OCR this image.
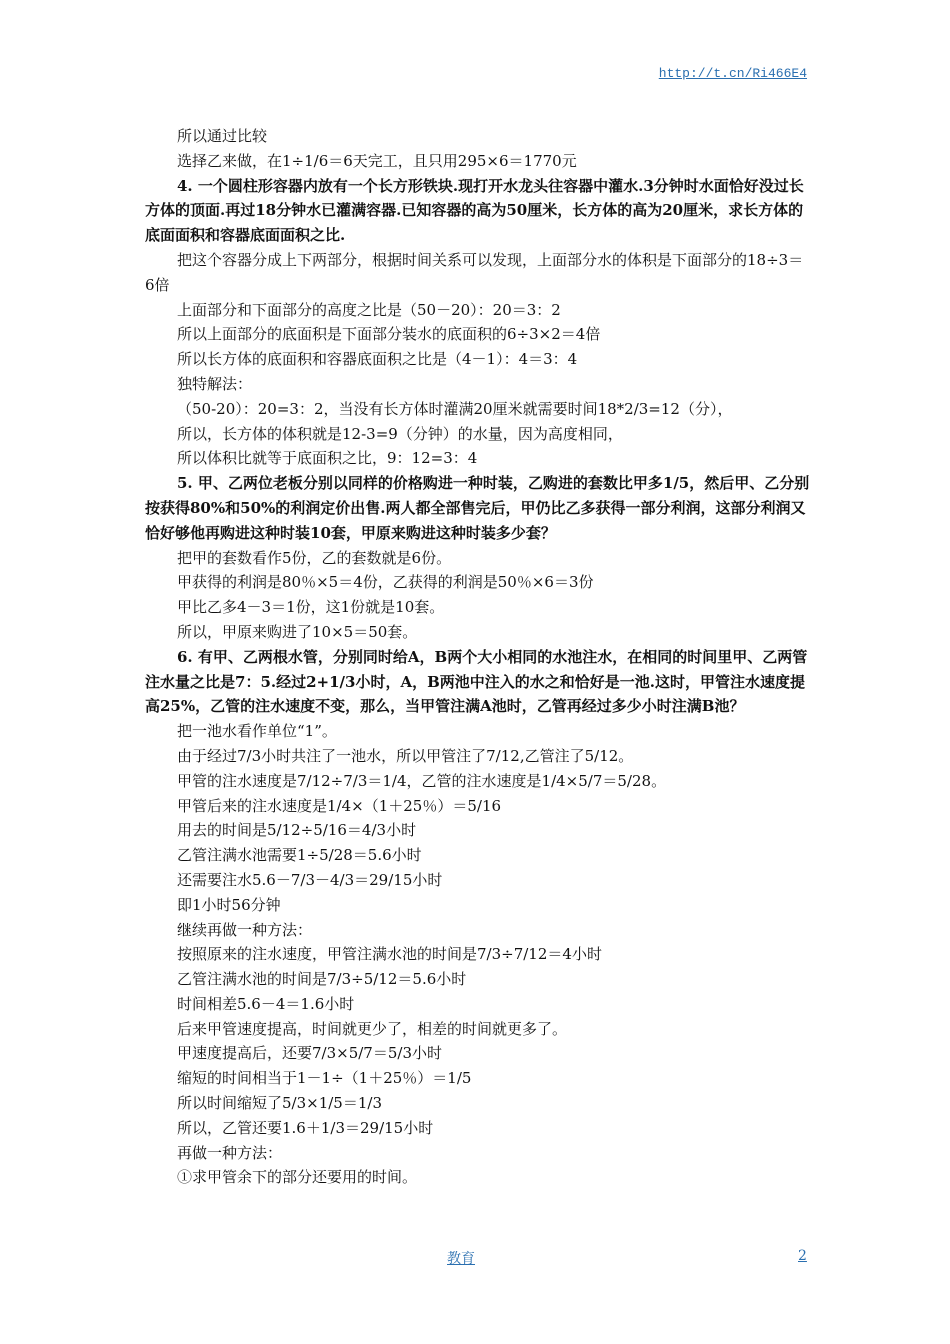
http://t.cn/Ri466E4

所以通过比较

选择乙来做，在1÷1/6＝6天完工，且只用295×6＝1770元

4. 一个圆柱形容器内放有一个长方形铁块.现打开水龙头往容器中灌水.3分钟时水面恰好没过长方体的顶面.再过18分钟水已灌满容器.已知容器的高为50厘米，长方体的高为20厘米，求长方体的底面面积和容器底面面积之比.

把这个容器分成上下两部分，根据时间关系可以发现，上面部分水的体积是下面部分的18÷3＝6倍

上面部分和下面部分的高度之比是（50－20）：20＝3：2

所以上面部分的底面积是下面部分装水的底面积的6÷3×2＝4倍

所以长方体的底面积和容器底面积之比是（4－1）：4＝3：4

独特解法：

（50-20）：20=3：2，当没有长方体时灌满20厘米就需要时间18*2/3=12（分），

所以，长方体的体积就是12-3=9（分钟）的水量，因为高度相同，

所以体积比就等于底面积之比，9：12=3：4

5. 甲、乙两位老板分别以同样的价格购进一种时装，乙购进的套数比甲多1/5，然后甲、乙分别按获得80%和50%的利润定价出售.两人都全部售完后，甲仍比乙多获得一部分利润，这部分利润又恰好够他再购进这种时装10套，甲原来购进这种时装多少套？

把甲的套数看作5份，乙的套数就是6份。

甲获得的利润是80％×5＝4份，乙获得的利润是50％×6＝3份

甲比乙多4－3＝1份，这1份就是10套。

所以，甲原来购进了10×5＝50套。

6. 有甲、乙两根水管，分别同时给A，B两个大小相同的水池注水，在相同的时间里甲、乙两管注水量之比是7：5.经过2+1/3小时，A，B两池中注入的水之和恰好是一池.这时，甲管注水速度提高25%，乙管的注水速度不变，那么，当甲管注满A池时，乙管再经过多少小时注满B池？

把一池水看作单位“1”。

由于经过7/3小时共注了一池水，所以甲管注了7/12,乙管注了5/12。

甲管的注水速度是7/12÷7/3＝1/4，乙管的注水速度是1/4×5/7＝5/28。

甲管后来的注水速度是1/4×（1＋25％）＝5/16

用去的时间是5/12÷5/16＝4/3小时

乙管注满水池需要1÷5/28＝5.6小时

还需要注水5.6－7/3－4/3＝29/15小时

即1小时56分钟

继续再做一种方法：

按照原来的注水速度，甲管注满水池的时间是7/3÷7/12＝4小时

乙管注满水池的时间是7/3÷5/12＝5.6小时

时间相差5.6－4＝1.6小时

后来甲管速度提高，时间就更少了，相差的时间就更多了。

甲速度提高后，还要7/3×5/7＝5/3小时

缩短的时间相当于1－1÷（1＋25％）＝1/5

所以时间缩短了5/3×1/5＝1/3

所以，乙管还要1.6＋1/3＝29/15小时

再做一种方法：

①求甲管余下的部分还要用的时间。

教育	2
